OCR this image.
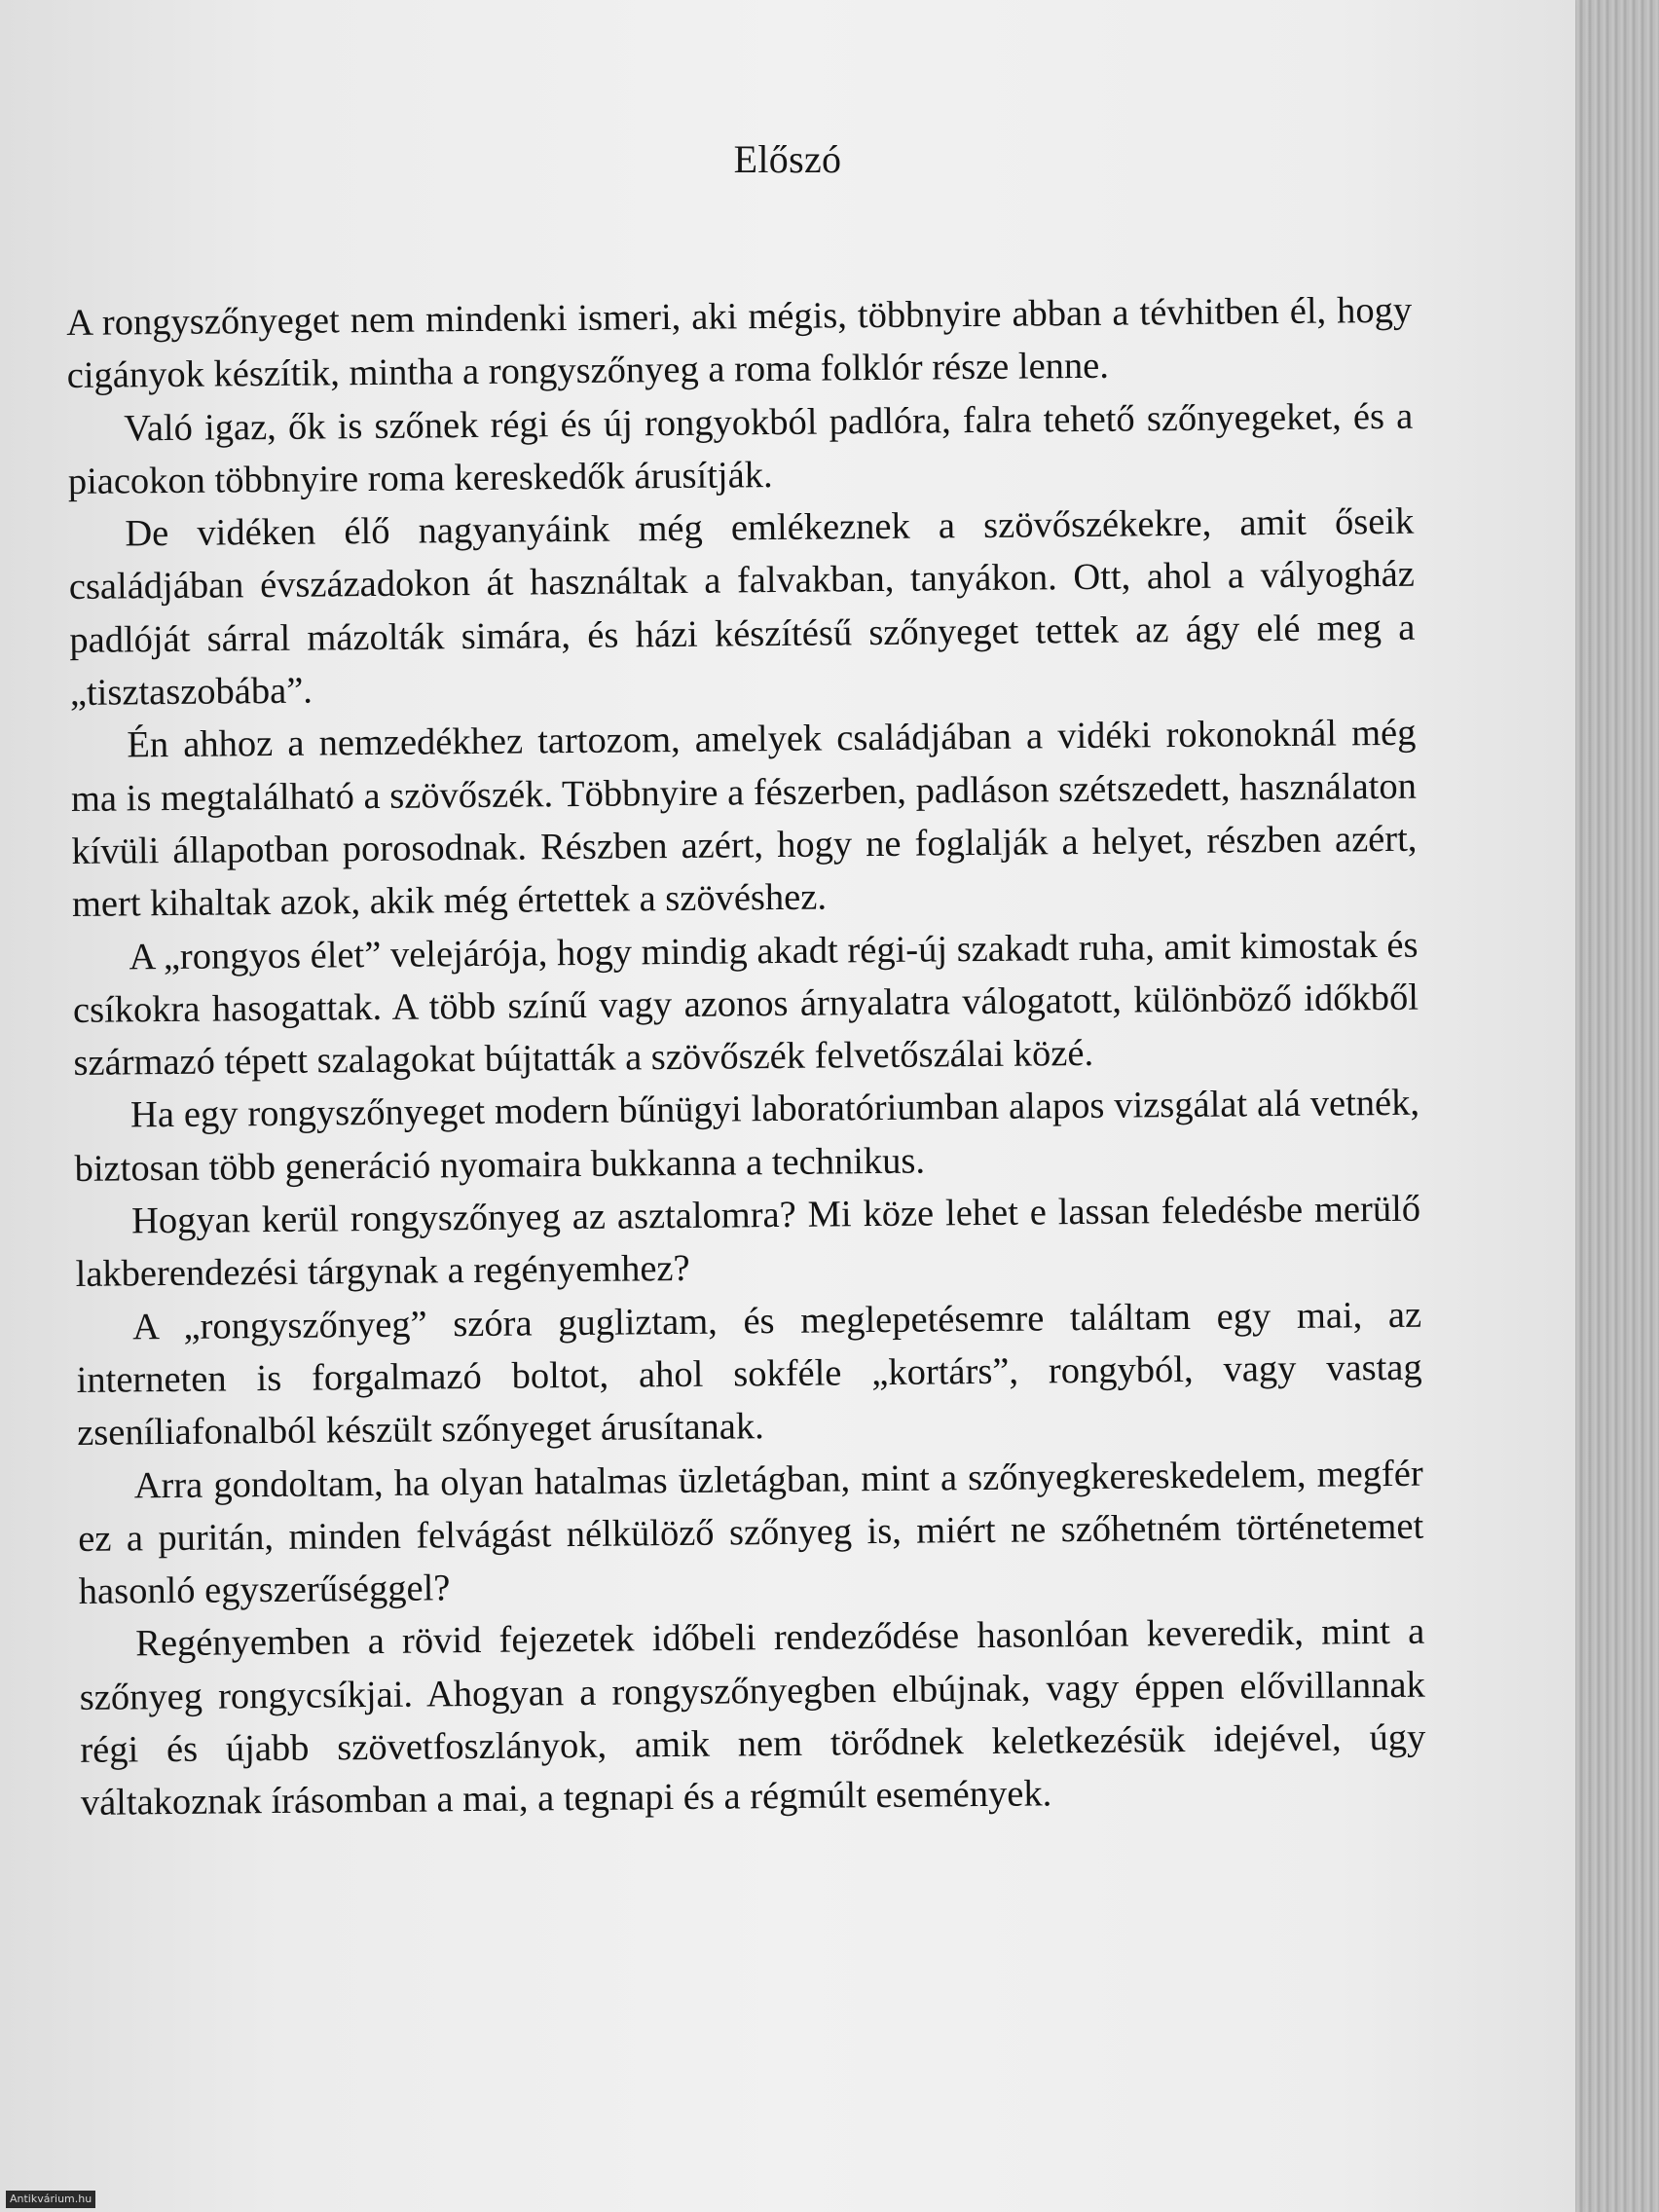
Előszó

A rongyszőnyeget nem mindenki ismeri, aki mégis, többnyire abban a tévhitben él, hogy cigányok készítik, mintha a rongyszőnyeg a roma folklór része lenne.

Való igaz, ők is szőnek régi és új rongyokból padlóra, falra tehető szőnyegeket, és a piacokon többnyire roma kereskedők árusítják.

De vidéken élő nagyanyáink még emlékeznek a szövőszékekre, amit őseik családjában évszázadokon át használtak a falvakban, tanyákon. Ott, ahol a vályogház padlóját sárral mázolták simára, és házi készítésű szőnyeget tettek az ágy elé meg a „tisztaszobába”.

Én ahhoz a nemzedékhez tartozom, amelyek családjában a vidéki rokonoknál még ma is megtalálható a szövőszék. Többnyire a fészerben, padláson szétszedett, használaton kívüli állapotban porosodnak. Részben azért, hogy ne foglalják a helyet, részben azért, mert kihaltak azok, akik még értettek a szövéshez.

A „rongyos élet” velejárója, hogy mindig akadt régi-új szakadt ruha, amit kimostak és csíkokra hasogattak. A több színű vagy azonos árnyalatra válogatott, különböző időkből származó tépett szalagokat bújtatták a szövőszék felvetőszálai közé.

Ha egy rongyszőnyeget modern bűnügyi laboratóriumban alapos vizsgálat alá vetnék, biztosan több generáció nyomaira bukkanna a technikus.

Hogyan kerül rongyszőnyeg az asztalomra? Mi köze lehet e lassan feledésbe merülő lakberendezési tárgynak a regényemhez?

A „rongyszőnyeg” szóra gugliztam, és meglepetésemre találtam egy mai, az interneten is forgalmazó boltot, ahol sokféle „kortárs”, rongyból, vagy vastag zseníliafonalból készült szőnyeget árusítanak.

Arra gondoltam, ha olyan hatalmas üzletágban, mint a szőnyegkereskedelem, megfér ez a puritán, minden felvágást nélkülöző szőnyeg is, miért ne szőhetném történetemet hasonló egyszerűséggel?

Regényemben a rövid fejezetek időbeli rendeződése hasonlóan keveredik, mint a szőnyeg rongycsíkjai. Ahogyan a rongyszőnyegben elbújnak, vagy éppen elővillannak régi és újabb szövetfoszlányok, amik nem törődnek keletkezésük idejével, úgy váltakoznak írásomban a mai, a tegnapi és a régmúlt események.

Antikvárium.hu
